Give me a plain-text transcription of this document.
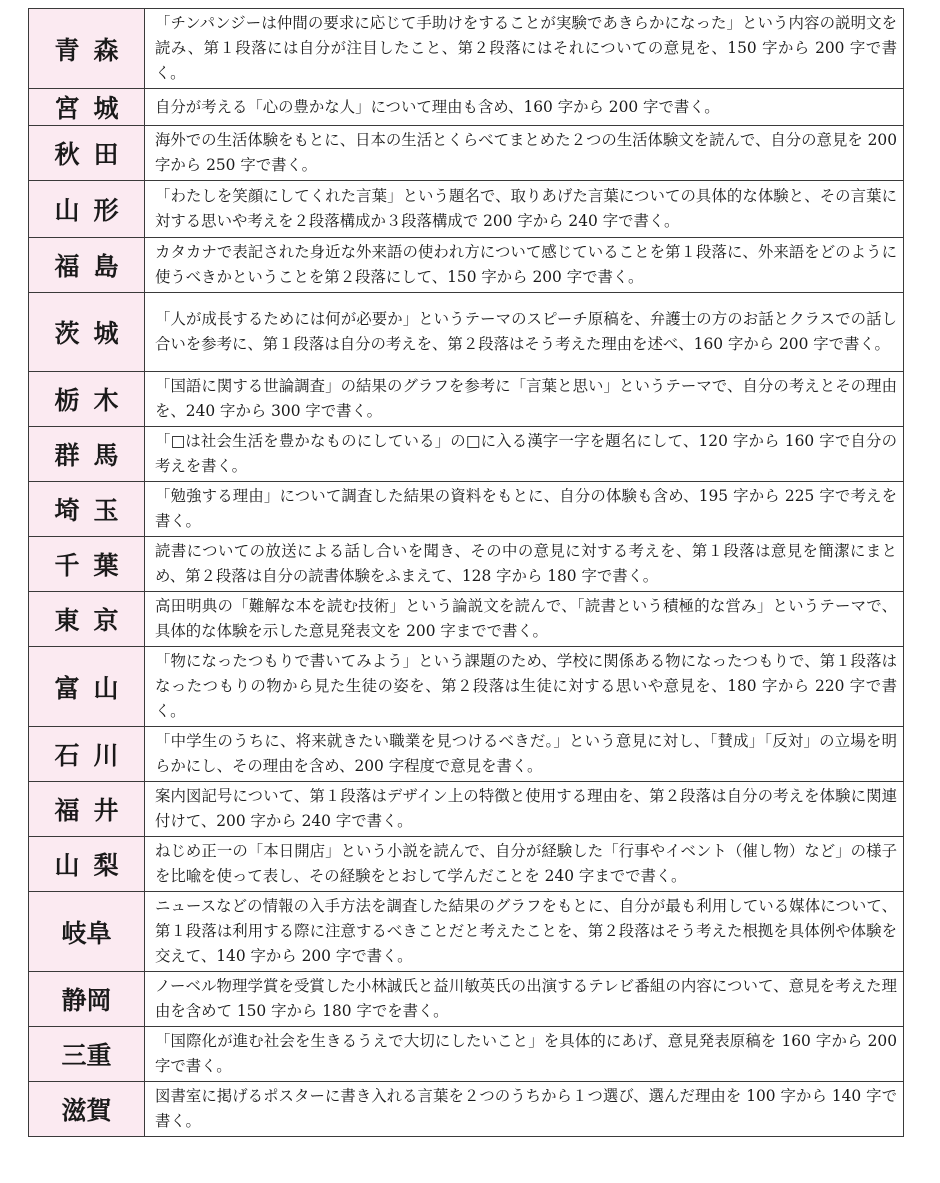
青森	「チンパンジーは仲間の要求に応じて手助けをすることが実験であきらかになった」という内容の説明文を読み、第１段落には自分が注目したこと、第２段落にはそれについての意見を、150 字から 200 字で書く。
宮城	自分が考える「心の豊かな人」について理由も含め、160 字から 200 字で書く。
秋田	海外での生活体験をもとに、日本の生活とくらべてまとめた２つの生活体験文を読んで、自分の意見を 200 字から 250 字で書く。
山形	「わたしを笑顔にしてくれた言葉」という題名で、取りあげた言葉についての具体的な体験と、その言葉に対する思いや考えを２段落構成か３段落構成で 200 字から 240 字で書く。
福島	カタカナで表記された身近な外来語の使われ方について感じていることを第１段落に、外来語をどのように使うべきかということを第２段落にして、150 字から 200 字で書く。
茨城	「人が成長するためには何が必要か」というテーマのスピーチ原稿を、弁護士の方のお話とクラスでの話し合いを参考に、第１段落は自分の考えを、第２段落はそう考えた理由を述べ、160 字から 200 字で書く。
栃木	「国語に関する世論調査」の結果のグラフを参考に「言葉と思い」というテーマで、自分の考えとその理由を、240 字から 300 字で書く。
群馬	「□は社会生活を豊かなものにしている」の□に入る漢字一字を題名にして、120 字から 160 字で自分の考えを書く。
埼玉	「勉強する理由」について調査した結果の資料をもとに、自分の体験も含め、195 字から 225 字で考えを書く。
千葉	読書についての放送による話し合いを聞き、その中の意見に対する考えを、第１段落は意見を簡潔にまとめ、第２段落は自分の読書体験をふまえて、128 字から 180 字で書く。
東京	高田明典の「難解な本を読む技術」という論説文を読んで、「読書という積極的な営み」というテーマで、具体的な体験を示した意見発表文を 200 字までで書く。
富山	「物になったつもりで書いてみよう」という課題のため、学校に関係ある物になったつもりで、第１段落はなったつもりの物から見た生徒の姿を、第２段落は生徒に対する思いや意見を、180 字から 220 字で書く。
石川	「中学生のうちに、将来就きたい職業を見つけるべきだ。」という意見に対し、「賛成」「反対」の立場を明らかにし、その理由を含め、200 字程度で意見を書く。
福井	案内図記号について、第１段落はデザイン上の特徴と使用する理由を、第２段落は自分の考えを体験に関連付けて、200 字から 240 字で書く。
山梨	ねじめ正一の「本日開店」という小説を読んで、自分が経験した「行事やイベント（催し物）など」の様子を比喩を使って表し、その経験をとおして学んだことを 240 字までで書く。
岐阜	ニュースなどの情報の入手方法を調査した結果のグラフをもとに、自分が最も利用している媒体について、第１段落は利用する際に注意するべきことだと考えたことを、第２段落はそう考えた根拠を具体例や体験を交えて、140 字から 200 字で書く。
静岡	ノーベル物理学賞を受賞した小林誠氏と益川敏英氏の出演するテレビ番組の内容について、意見を考えた理由を含めて 150 字から 180 字でを書く。
三重	「国際化が進む社会を生きるうえで大切にしたいこと」を具体的にあげ、意見発表原稿を 160 字から 200 字で書く。
滋賀	図書室に掲げるポスターに書き入れる言葉を２つのうちから１つ選び、選んだ理由を 100 字から 140 字で書く。
